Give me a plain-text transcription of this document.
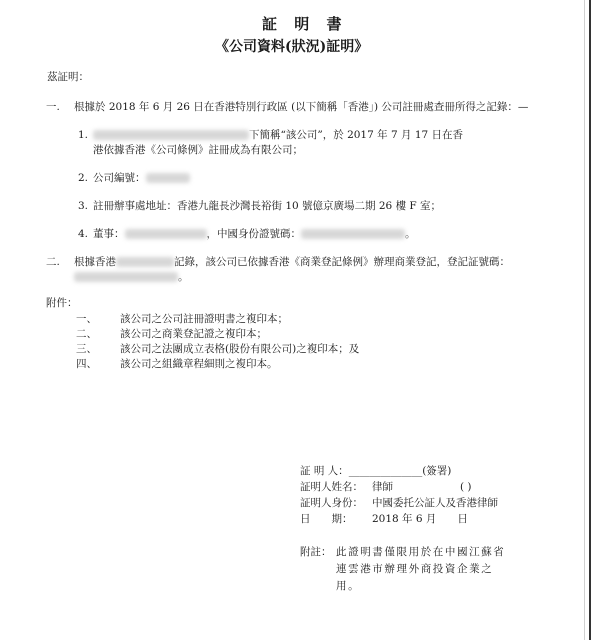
証 明 書
《公司資料(狀況)証明》
茲証明：
一. 根據於 2018 年 6 月 26 日在香港特別行政區 (以下簡稱「香港」) 公司註冊處查冊所得之記錄：—
1.	下簡稱“該公司”，於 2017 年 7 月 17 日在香
港依據香港《公司條例》註冊成為有限公司；
2. 公司編號：
3. 註冊辦事處地址：香港九龍長沙灣長裕街 10 號億京廣場二期 26 樓 F 室；
4. 董事：	，中國身份證號碼：	。
二. 根據香港	記錄，該公司已依據香港《商業登記條例》辦理商業登記，登記証號碼：
。
附件：
一、 該公司之公司註冊證明書之複印本；
二、 該公司之商業登記證之複印本；
三、 該公司之法團成立表格(股份有限公司)之複印本；及
四、 該公司之組織章程細則之複印本。
証 明 人：______________(簽署)
証明人姓名： 律師	( )
証明人身份： 中國委托公証人及香港律師
日　　期： 2018 年 6 月　　日
附註： 此證明書僅限用於在中國江蘇省
連雲港市辦理外商投資企業之
用。
